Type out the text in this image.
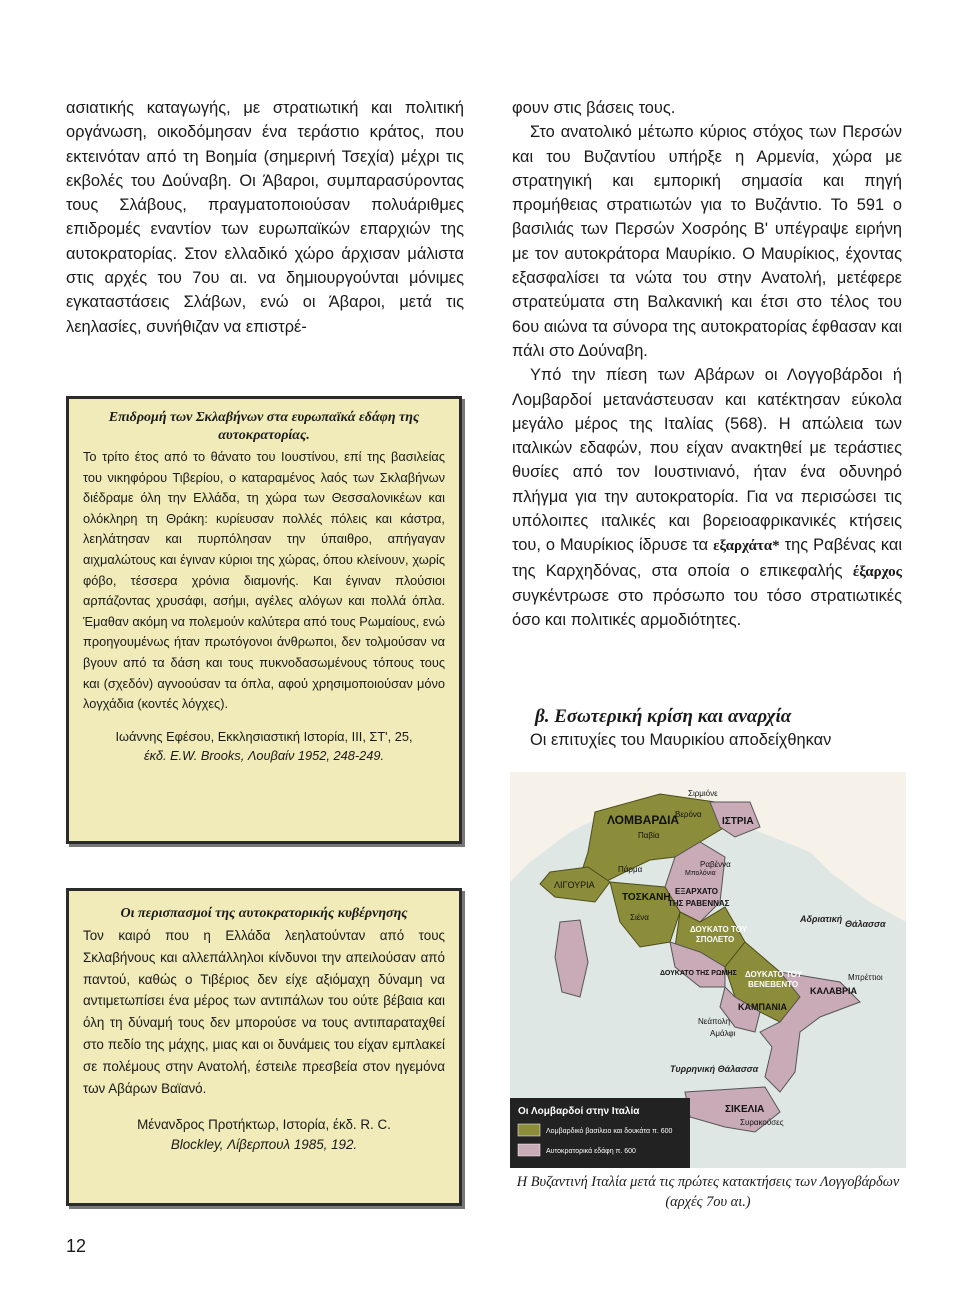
ασιατικής καταγωγής, με στρατιωτική και πολιτική οργάνωση, οικοδόμησαν ένα τεράστιο κράτος, που εκτεινόταν από τη Βοημία (σημερινή Τσεχία) μέχρι τις εκβολές του Δούναβη. Οι Άβαροι, συμπαρασύροντας τους Σλάβους, πραγματοποιούσαν πολυάριθμες επιδρομές εναντίον των ευρωπαϊκών επαρχιών της αυτοκρατορίας. Στον ελλαδικό χώρο άρχισαν μάλιστα στις αρχές του 7ου αι. να δημιουργούνται μόνιμες εγκαταστάσεις Σλάβων, ενώ οι Άβαροι, μετά τις λεηλασίες, συνήθιζαν να επιστρέ-

Επιδρομή των Σκλαβήνων στα ευρωπαϊκά εδάφη της αυτοκρατορίας.

Το τρίτο έτος από το θάνατο του Ιουστίνου, επί της βασιλείας του νικηφόρου Τιβερίου, ο καταραμένος λαός των Σκλαβήνων διέδραμε όλη την Ελλάδα, τη χώρα των Θεσσαλονικέων και ολόκληρη τη Θράκη: κυρίευσαν πολλές πόλεις και κάστρα, λεηλάτησαν και πυρπόλησαν την ύπαιθρο, απήγαγαν αιχμαλώτους και έγιναν κύριοι της χώρας, όπου κλείνουν, χωρίς φόβο, τέσσερα χρόνια διαμονής. Και έγιναν πλούσιοι αρπάζοντας χρυσάφι, ασήμι, αγέλες αλόγων και πολλά όπλα. Έμαθαν ακόμη να πολεμούν καλύτερα από τους Ρωμαίους, ενώ προηγουμένως ήταν πρωτόγονοι άνθρωποι, δεν τολμούσαν να βγουν από τα δάση και τους πυκνοδασωμένους τόπους τους και (σχεδόν) αγνοούσαν τα όπλα, αφού χρησιμοποιούσαν μόνο λογχάδια (κοντές λόγχες).

Ιωάννης Εφέσου, Εκκλησιαστική Ιστορία, ΙΙΙ, ΣΤ', 25,
έκδ. E.W. Brooks, Λουβαίν 1952, 248-249.

Οι περισπασμοί της αυτοκρατορικής κυβέρνησης

Τον καιρό που η Ελλάδα λεηλατούνταν από τους Σκλαβήνους και αλλεπάλληλοι κίνδυνοι την απειλούσαν από παντού, καθώς ο Τιβέριος δεν είχε αξιόμαχη δύναμη να αντιμετωπίσει ένα μέρος των αντιπάλων του ούτε βέβαια και όλη τη δύναμή τους δεν μπορούσε να τους αντιπαραταχθεί στο πεδίο της μάχης, μιας και οι δυνάμεις του είχαν εμπλακεί σε πολέμους στην Ανατολή, έστειλε πρεσβεία στον ηγεμόνα των Αβάρων Βαϊανό.

Μένανδρος Προτήκτωρ, Ιστορία, έκδ. R. C.
Blockley, Λίβερπουλ 1985, 192.

φουν στις βάσεις τους.

Στο ανατολικό μέτωπο κύριος στόχος των Περσών και του Βυζαντίου υπήρξε η Αρμενία, χώρα με στρατηγική και εμπορική σημασία και πηγή προμήθειας στρατιωτών για το Βυζάντιο. Το 591 ο βασιλιάς των Περσών Χοσρόης Β' υπέγραψε ειρήνη με τον αυτοκράτορα Μαυρίκιο. Ο Μαυρίκιος, έχοντας εξασφαλίσει τα νώτα του στην Ανατολή, μετέφερε στρατεύματα στη Βαλκανική και έτσι στο τέλος του 6ου αιώνα τα σύνορα της αυτοκρατορίας έφθασαν και πάλι στο Δούναβη.

Υπό την πίεση των Αβάρων οι Λογγοβάρδοι ή Λομβαρδοί μετανάστευσαν και κατέκτησαν εύκολα μεγάλο μέρος της Ιταλίας (568). Η απώλεια των ιταλικών εδαφών, που είχαν ανακτηθεί με τεράστιες θυσίες από τον Ιουστινιανό, ήταν ένα οδυνηρό πλήγμα για την αυτοκρατορία. Για να περισώσει τις υπόλοιπες ιταλικές και βορειοαφρικανικές κτήσεις του, ο Μαυρίκιος ίδρυσε τα εξαρχάτα* της Ραβένας και της Καρχηδόνας, στα οποία ο επικεφαλής έξαρχος συγκέντρωσε στο πρόσωπο του τόσο στρατιωτικές όσο και πολιτικές αρμοδιότητες.

β. Εσωτερική κρίση και αναρχία

Οι επιτυχίες του Μαυρικίου αποδείχθηκαν

ΛΟΜΒΑΡΔΙΑ
Βερόνα
Παβία
Σιρμιόνε
ΙΣΤΡΙΑ
ΛΙΓΟΥΡΙΑ
Πάρμα
Ραβέννα
Μπολόνια
ΤΟΣΚΑΝΗ
ΕΞΑΡΧΑΤΟ
ΤΗΣ ΡΑΒΕΝΝΑΣ
Σιένα
ΔΟΥΚΑΤΟ ΤΟΥ
ΣΠΟΛΕΤΟ
ΔΟΥΚΑΤΟ ΤΟΥ
ΒΕΝΕΒΕΝΤΟ
ΔΟΥΚΑΤΟ ΤΗΣ ΡΩΜΗΣ
ΚΑΜΠΑΝΙΑ
ΚΑΛΑΒΡΙΑ
Μπρέττιοι
Νεάπολη
Αμάλφι
Αδριατική Θάλασσα
Τυρρηνική Θάλασσα
ΣΙΚΕΛΙΑ
Συρακούσες
Οι Λομβαρδοί στην Ιταλία
Λομβαρδικό βασίλειο και δουκάτα π. 600
Αυτοκρατορικά εδάφη π. 600

Η Βυζαντινή Ιταλία μετά τις πρώτες κατακτήσεις των Λογγοβάρδων (αρχές 7ου αι.)

12
